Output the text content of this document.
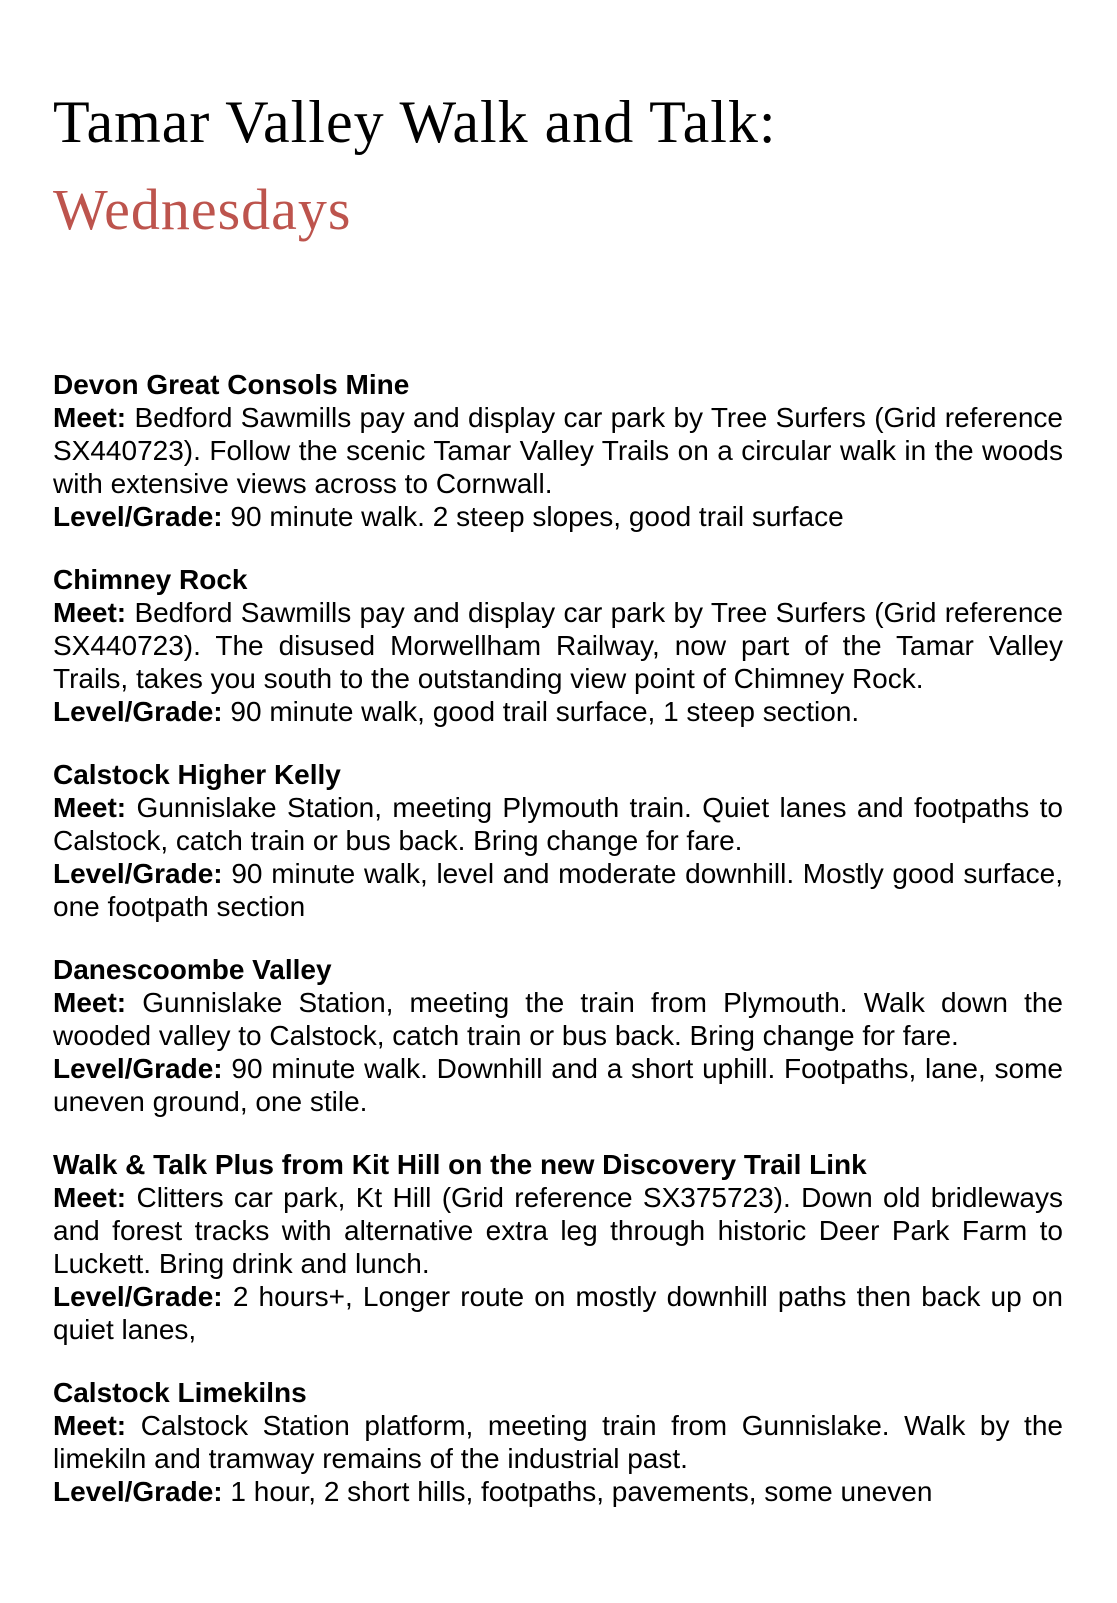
Tamar Valley Walk and Talk:
Wednesdays
Devon Great Consols Mine

Meet: Bedford Sawmills pay and display car park by Tree Surfers (Grid reference SX440723). Follow the scenic Tamar Valley Trails on a circular walk in the woods with extensive views across to Cornwall.

Level/Grade: 90 minute walk. 2 steep slopes, good trail surface

Chimney Rock

Meet: Bedford Sawmills pay and display car park by Tree Surfers (Grid reference SX440723). The disused Morwellham Railway, now part of the Tamar Valley Trails, takes you south to the outstanding view point of Chimney Rock.

Level/Grade: 90 minute walk, good trail surface, 1 steep section.

Calstock Higher Kelly

Meet: Gunnislake Station, meeting Plymouth train. Quiet lanes and footpaths to Calstock, catch train or bus back. Bring change for fare.

Level/Grade: 90 minute walk, level and moderate downhill. Mostly good surface, one footpath section

Danescoombe Valley

Meet: Gunnislake Station, meeting the train from Plymouth. Walk down the wooded valley to Calstock, catch train or bus back. Bring change for fare.

Level/Grade: 90 minute walk. Downhill and a short uphill. Footpaths, lane, some uneven ground, one stile.

Walk & Talk Plus from Kit Hill on the new Discovery Trail Link

Meet: Clitters car park, Kt Hill (Grid reference SX375723). Down old bridleways and forest tracks with alternative extra leg through historic Deer Park Farm to Luckett. Bring drink and lunch.

Level/Grade: 2 hours+, Longer route on mostly downhill paths then back up on quiet lanes,

Calstock Limekilns

Meet: Calstock Station platform, meeting train from Gunnislake. Walk by the limekiln and tramway remains of the industrial past.

Level/Grade: 1 hour, 2 short hills, footpaths, pavements, some uneven
